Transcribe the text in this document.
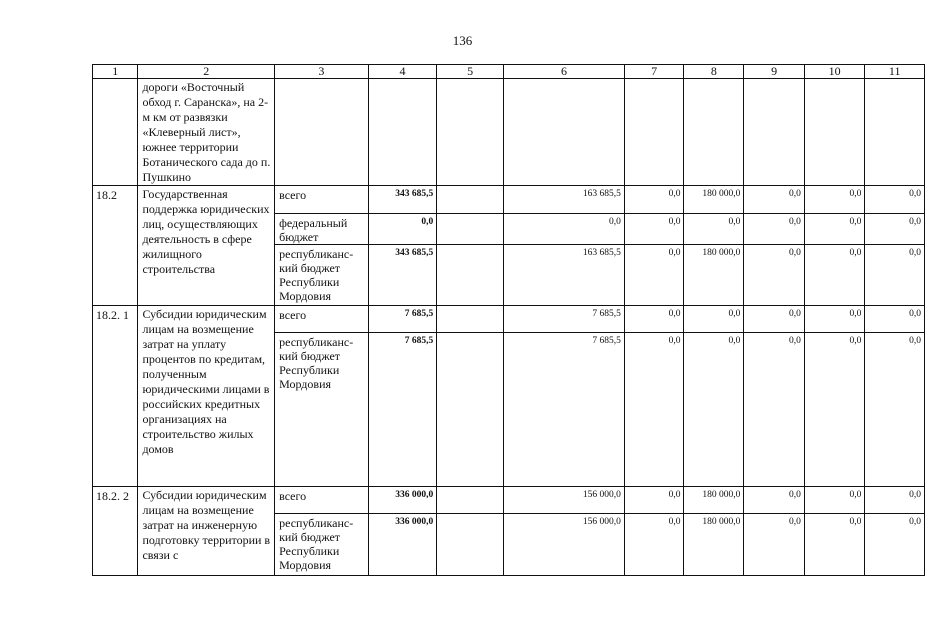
136
1	2	3	4	5	6	7	8	9	10	11
	дороги «Восточный обход г. Саранска», на 2-м км от развязки «Клеверный лист», южнее территории Ботанического сада до п. Пушкино									
18.2	Государственная поддержка юридических лиц, осуществляющих деятельность в сфере жилищного строительства	всего	343 685,5		163 685,5	0,0	180 000,0	0,0	0,0	0,0
		федеральный бюджет	0,0		0,0	0,0	0,0	0,0	0,0	0,0
		республиканс-кий бюджет Республики Мордовия	343 685,5		163 685,5	0,0	180 000,0	0,0	0,0	0,0
18.2. 1	Субсидии юридическим лицам на возмещение затрат на уплату процентов по кредитам, полученным юридическими лицами в российских кредитных организациях на строительство жилых домов	всего	7 685,5		7 685,5	0,0	0,0	0,0	0,0	0,0
		республиканс-кий бюджет Республики Мордовия	7 685,5		7 685,5	0,0	0,0	0,0	0,0	0,0
18.2. 2	Субсидии юридическим лицам на возмещение затрат на инженерную подготовку территории в связи с	всего	336 000,0		156 000,0	0,0	180 000,0	0,0	0,0	0,0
		республиканс-кий бюджет Республики Мордовия	336 000,0		156 000,0	0,0	180 000,0	0,0	0,0	0,0
